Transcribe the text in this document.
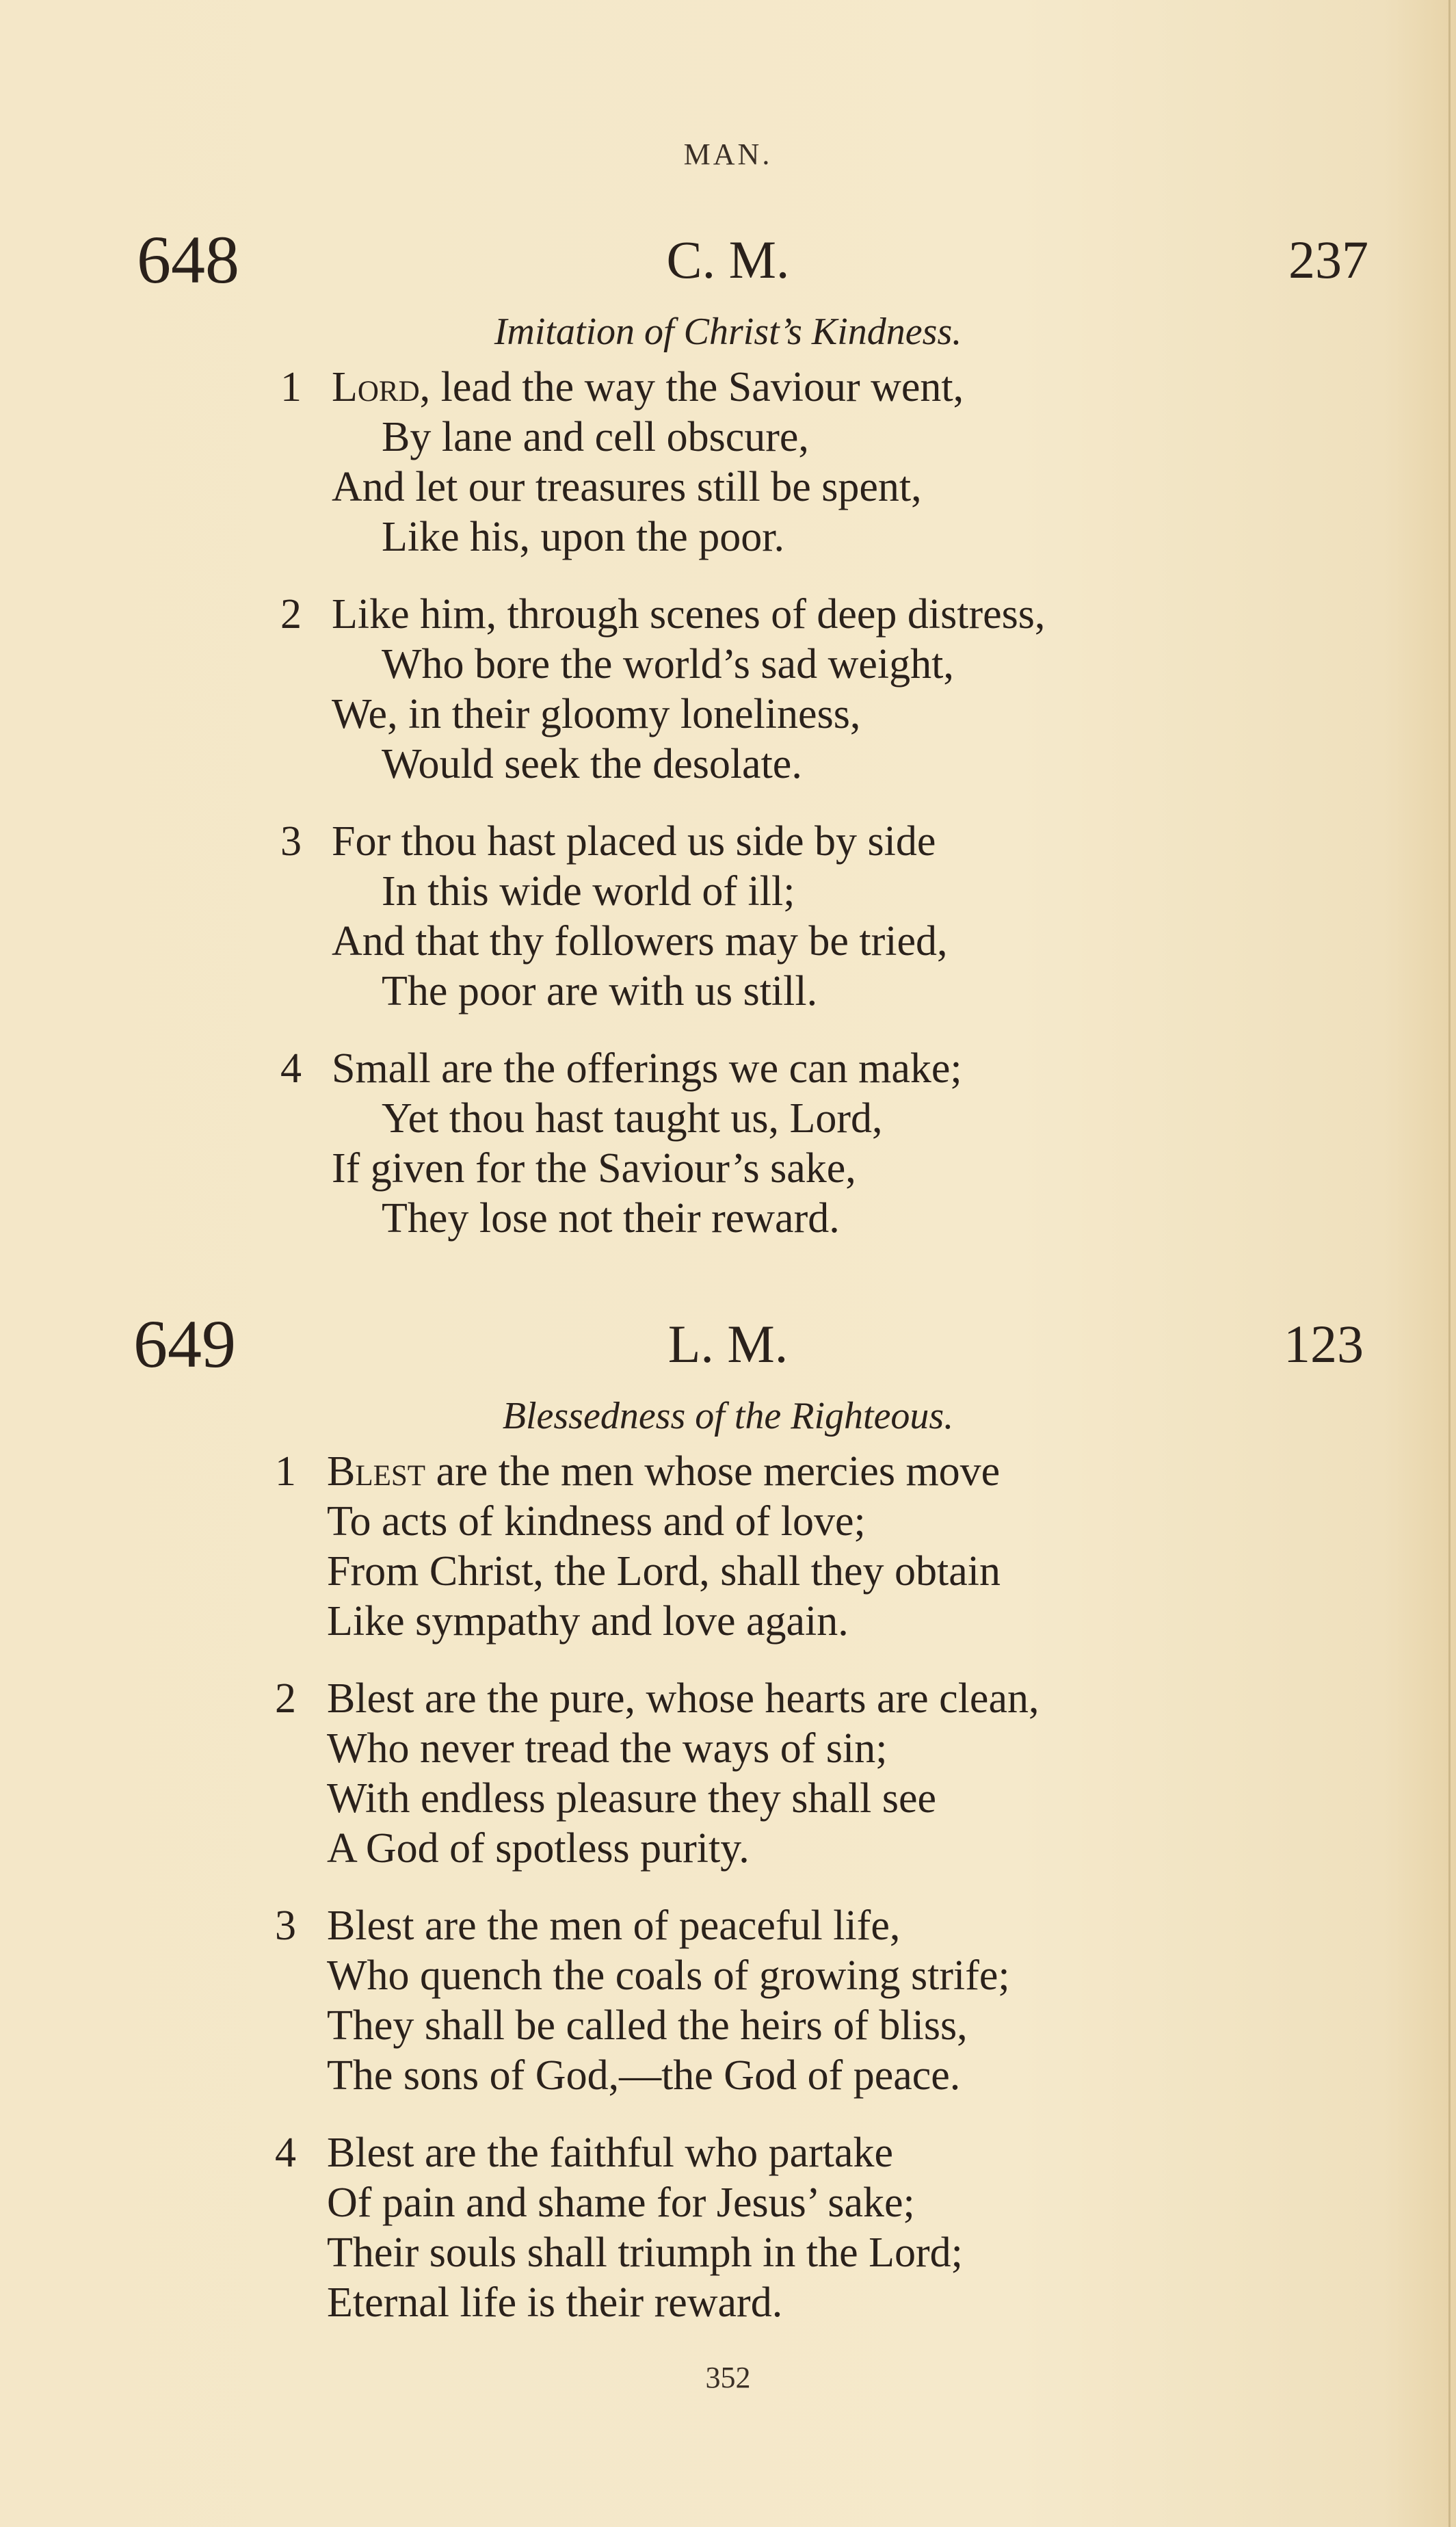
MAN.
648	C. M.	237
Imitation of Christ’s Kindness.
1 Lord, lead the way the Saviour went,
By lane and cell obscure,
And let our treasures still be spent,
Like his, upon the poor.
2 Like him, through scenes of deep distress,
Who bore the world’s sad weight,
We, in their gloomy loneliness,
Would seek the desolate.
3 For thou hast placed us side by side
In this wide world of ill;
And that thy followers may be tried,
The poor are with us still.
4 Small are the offerings we can make;
Yet thou hast taught us, Lord,
If given for the Saviour’s sake,
They lose not their reward.
649	L. M.	123
Blessedness of the Righteous.
1 Blest are the men whose mercies move
To acts of kindness and of love;
From Christ, the Lord, shall they obtain
Like sympathy and love again.
2 Blest are the pure, whose hearts are clean,
Who never tread the ways of sin;
With endless pleasure they shall see
A God of spotless purity.
3 Blest are the men of peaceful life,
Who quench the coals of growing strife;
They shall be called the heirs of bliss,
The sons of God,—the God of peace.
4 Blest are the faithful who partake
Of pain and shame for Jesus’ sake;
Their souls shall triumph in the Lord;
Eternal life is their reward.
352
